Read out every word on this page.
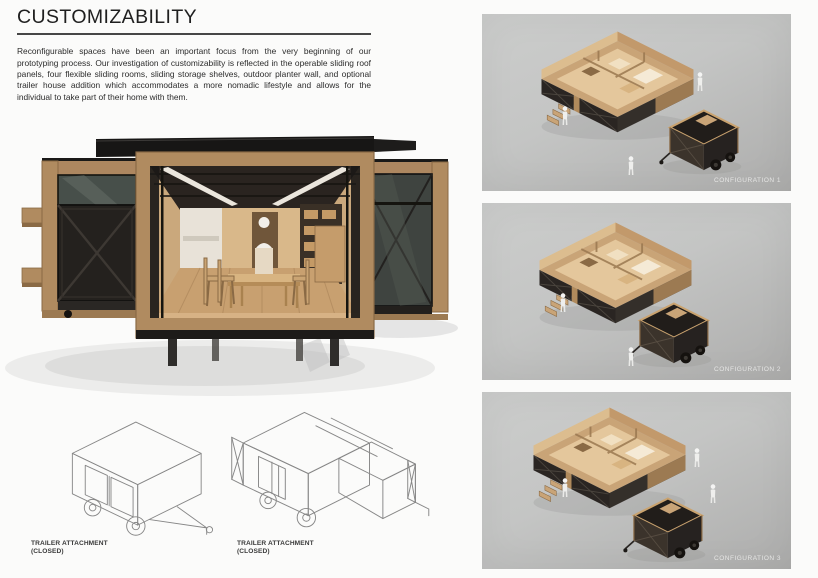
CUSTOMIZABILITY

Reconfigurable spaces have been an important focus from the very beginning of our prototyping process. Our investigation of customizability is reflected in the operable sliding roof panels, four flexible sliding rooms, sliding storage shelves, outdoor planter wall, and optional trailer house addition which accommodates a more nomadic lifestyle and allows for the individual to take part of their home with them.

TRAILER ATTACHMENT
(CLOSED)
TRAILER ATTACHMENT
(CLOSED)
CONFIGURATION 1
CONFIGURATION 2
CONFIGURATION 3
